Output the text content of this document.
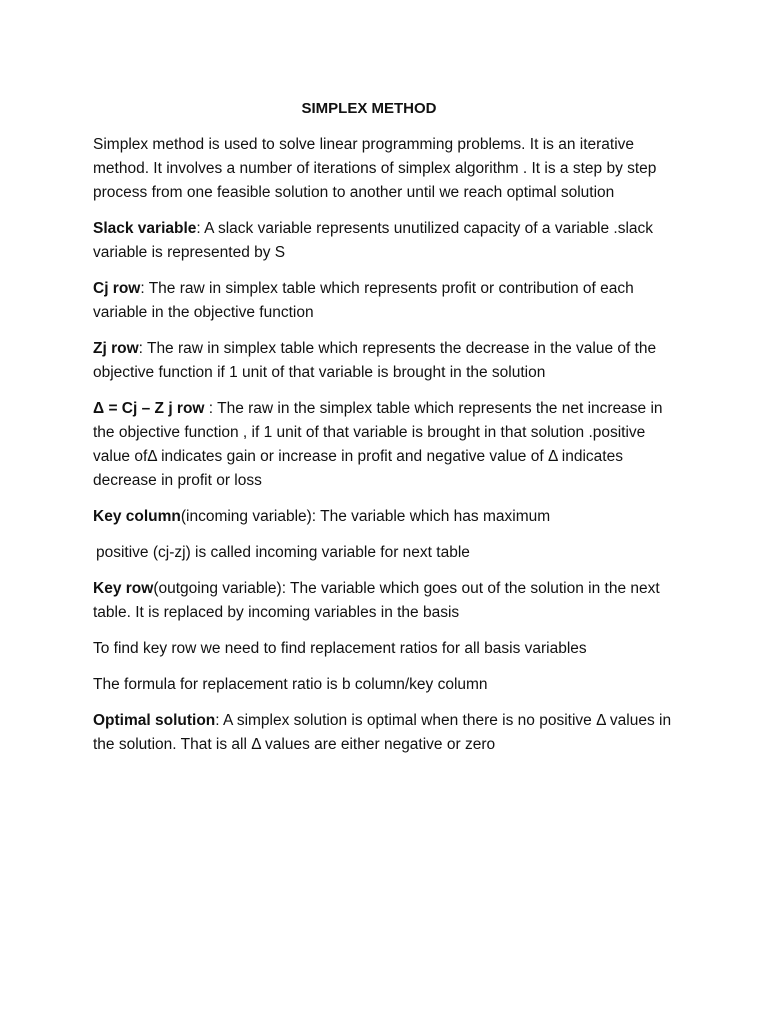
SIMPLEX METHOD

Simplex method is used to solve linear programming problems. It is an iterative method. It involves a number of iterations of simplex algorithm . It is a step by step process from one feasible solution to another until we reach optimal solution

Slack variable: A slack variable represents unutilized capacity of a variable .slack variable is represented by S

Cj row: The raw in simplex table which represents profit or contribution of each variable in the objective function

Zj row: The raw in simplex table which represents the decrease in the value of the objective function if 1 unit of that variable is brought in the solution

Δ = Cj – Z j row : The raw in the simplex table which represents the net increase in the objective function , if 1 unit of that variable is brought in that solution .positive value ofΔ indicates gain or increase in profit and negative value of Δ indicates decrease in profit or loss

Key column(incoming variable): The variable which has maximum

positive (cj-zj) is called incoming variable for next table

Key row(outgoing variable): The variable which goes out of the solution in the next table. It is replaced by incoming variables in the basis

To find key row we need to find replacement ratios for all basis variables

The formula for replacement ratio is b column/key column

Optimal solution: A simplex solution is optimal when there is no positive Δ values in the solution. That is all Δ values are either negative or zero
